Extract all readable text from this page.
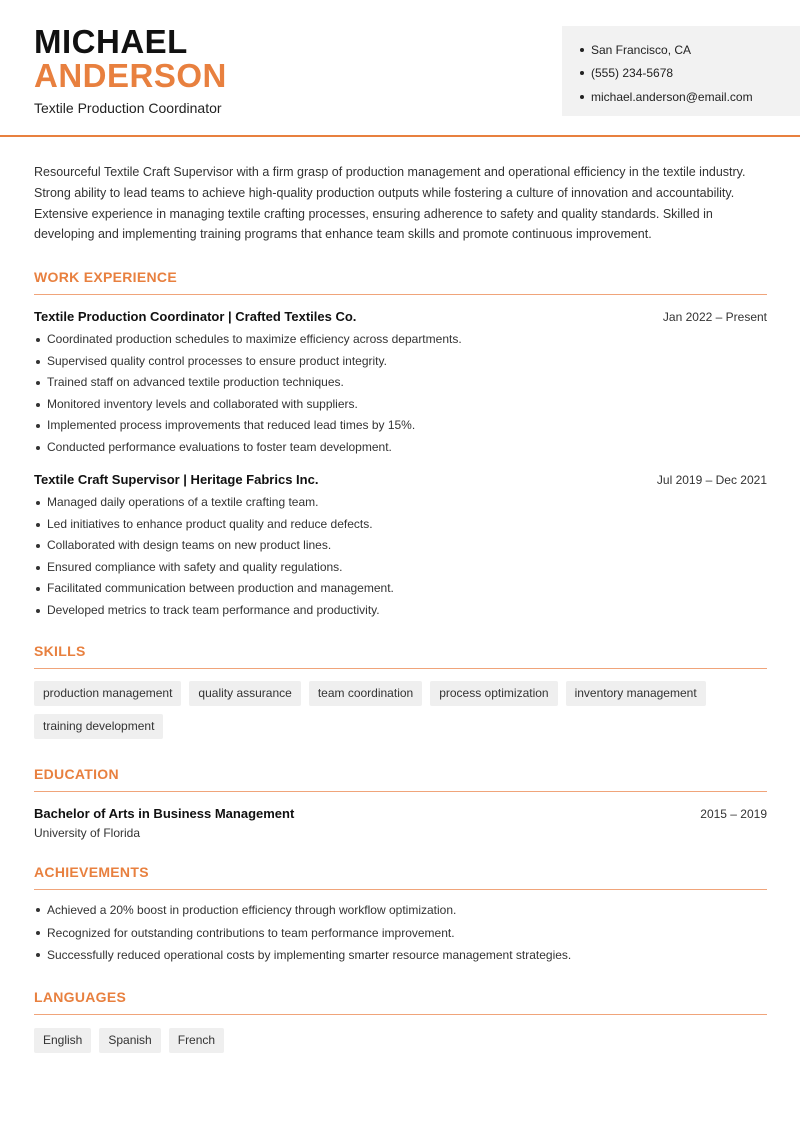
MICHAEL
ANDERSON
Textile Production Coordinator
San Francisco, CA
(555) 234-5678
michael.anderson@email.com

Resourceful Textile Craft Supervisor with a firm grasp of production management and operational efficiency in the textile industry. Strong ability to lead teams to achieve high-quality production outputs while fostering a culture of innovation and accountability. Extensive experience in managing textile crafting processes, ensuring adherence to safety and quality standards. Skilled in developing and implementing training programs that enhance team skills and promote continuous improvement.

WORK EXPERIENCE
Textile Production Coordinator | Crafted Textiles Co.	Jan 2022 – Present
Coordinated production schedules to maximize efficiency across departments.
Supervised quality control processes to ensure product integrity.
Trained staff on advanced textile production techniques.
Monitored inventory levels and collaborated with suppliers.
Implemented process improvements that reduced lead times by 15%.
Conducted performance evaluations to foster team development.
Textile Craft Supervisor | Heritage Fabrics Inc.	Jul 2019 – Dec 2021
Managed daily operations of a textile crafting team.
Led initiatives to enhance product quality and reduce defects.
Collaborated with design teams on new product lines.
Ensured compliance with safety and quality regulations.
Facilitated communication between production and management.
Developed metrics to track team performance and productivity.
SKILLS
production management	quality assurance	team coordination	process optimization	inventory management
training development
EDUCATION
Bachelor of Arts in Business Management	2015 – 2019
University of Florida
ACHIEVEMENTS
Achieved a 20% boost in production efficiency through workflow optimization.
Recognized for outstanding contributions to team performance improvement.
Successfully reduced operational costs by implementing smarter resource management strategies.
LANGUAGES
English	Spanish	French
